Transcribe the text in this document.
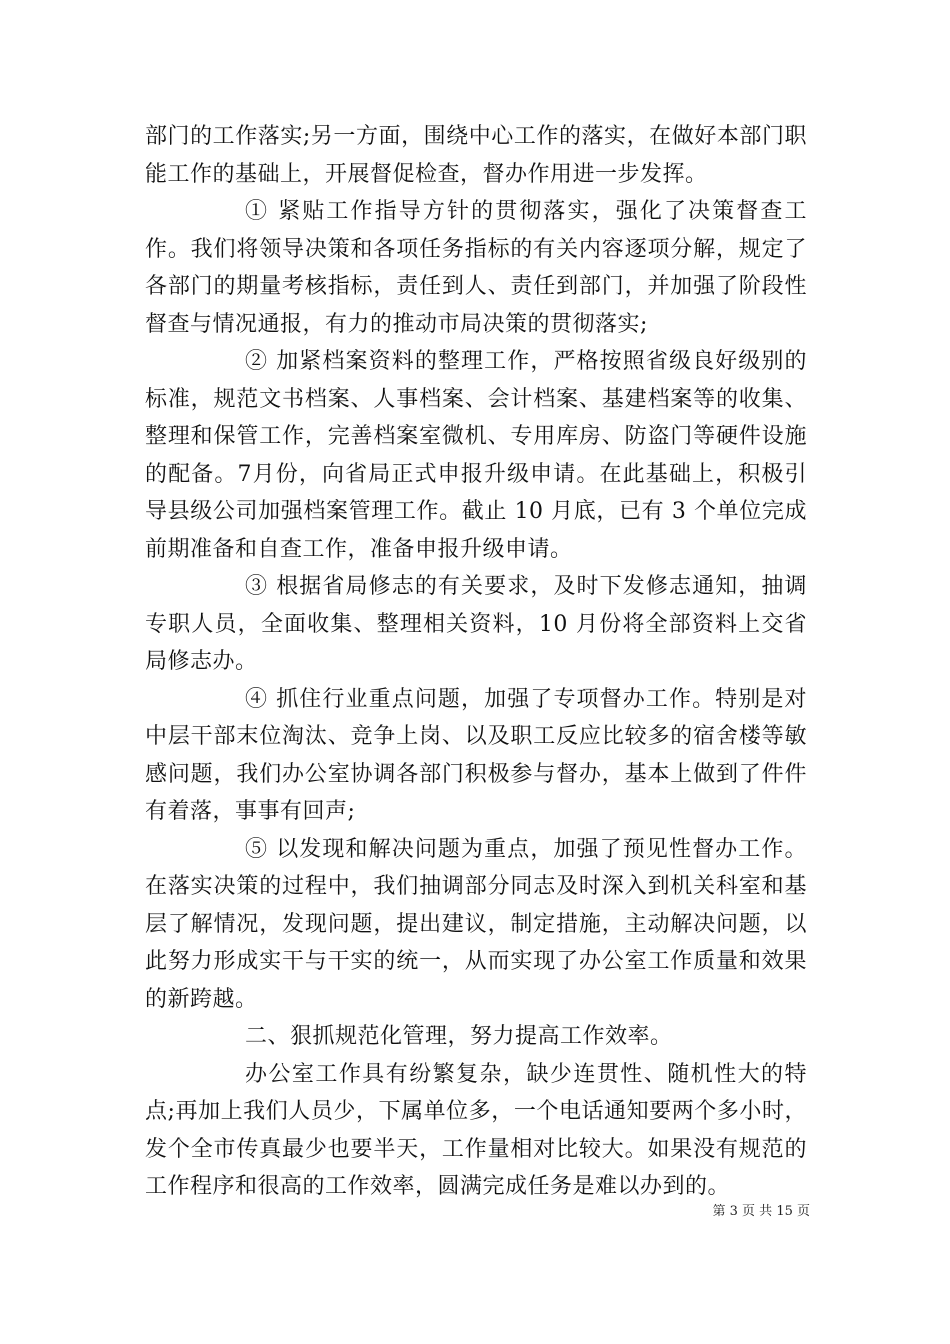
部门的工作落实;另一方面，围绕中心工作的落实，在做好本部门职能工作的基础上，开展督促检查，督办作用进一步发挥。

① 紧贴工作指导方针的贯彻落实，强化了决策督查工作。我们将领导决策和各项任务指标的有关内容逐项分解，规定了各部门的期量考核指标，责任到人、责任到部门，并加强了阶段性督查与情况通报，有力的推动市局决策的贯彻落实;

② 加紧档案资料的整理工作，严格按照省级良好级别的标准，规范文书档案、人事档案、会计档案、基建档案等的收集、整理和保管工作，完善档案室微机、专用库房、防盗门等硬件设施的配备。7月份，向省局正式申报升级申请。在此基础上，积极引导县级公司加强档案管理工作。截止 10 月底，已有 3 个单位完成前期准备和自查工作，准备申报升级申请。

③ 根据省局修志的有关要求，及时下发修志通知，抽调专职人员，全面收集、整理相关资料，10 月份将全部资料上交省局修志办。

④ 抓住行业重点问题，加强了专项督办工作。特别是对中层干部末位淘汰、竞争上岗、以及职工反应比较多的宿舍楼等敏感问题，我们办公室协调各部门积极参与督办，基本上做到了件件有着落，事事有回声;

⑤ 以发现和解决问题为重点，加强了预见性督办工作。在落实决策的过程中，我们抽调部分同志及时深入到机关科室和基层了解情况，发现问题，提出建议，制定措施，主动解决问题，以此努力形成实干与干实的统一，从而实现了办公室工作质量和效果的新跨越。

二、狠抓规范化管理，努力提高工作效率。

办公室工作具有纷繁复杂，缺少连贯性、随机性大的特点;再加上我们人员少，下属单位多，一个电话通知要两个多小时，发个全市传真最少也要半天，工作量相对比较大。如果没有规范的工作程序和很高的工作效率，圆满完成任务是难以办到的。

第 3 页 共 15 页
